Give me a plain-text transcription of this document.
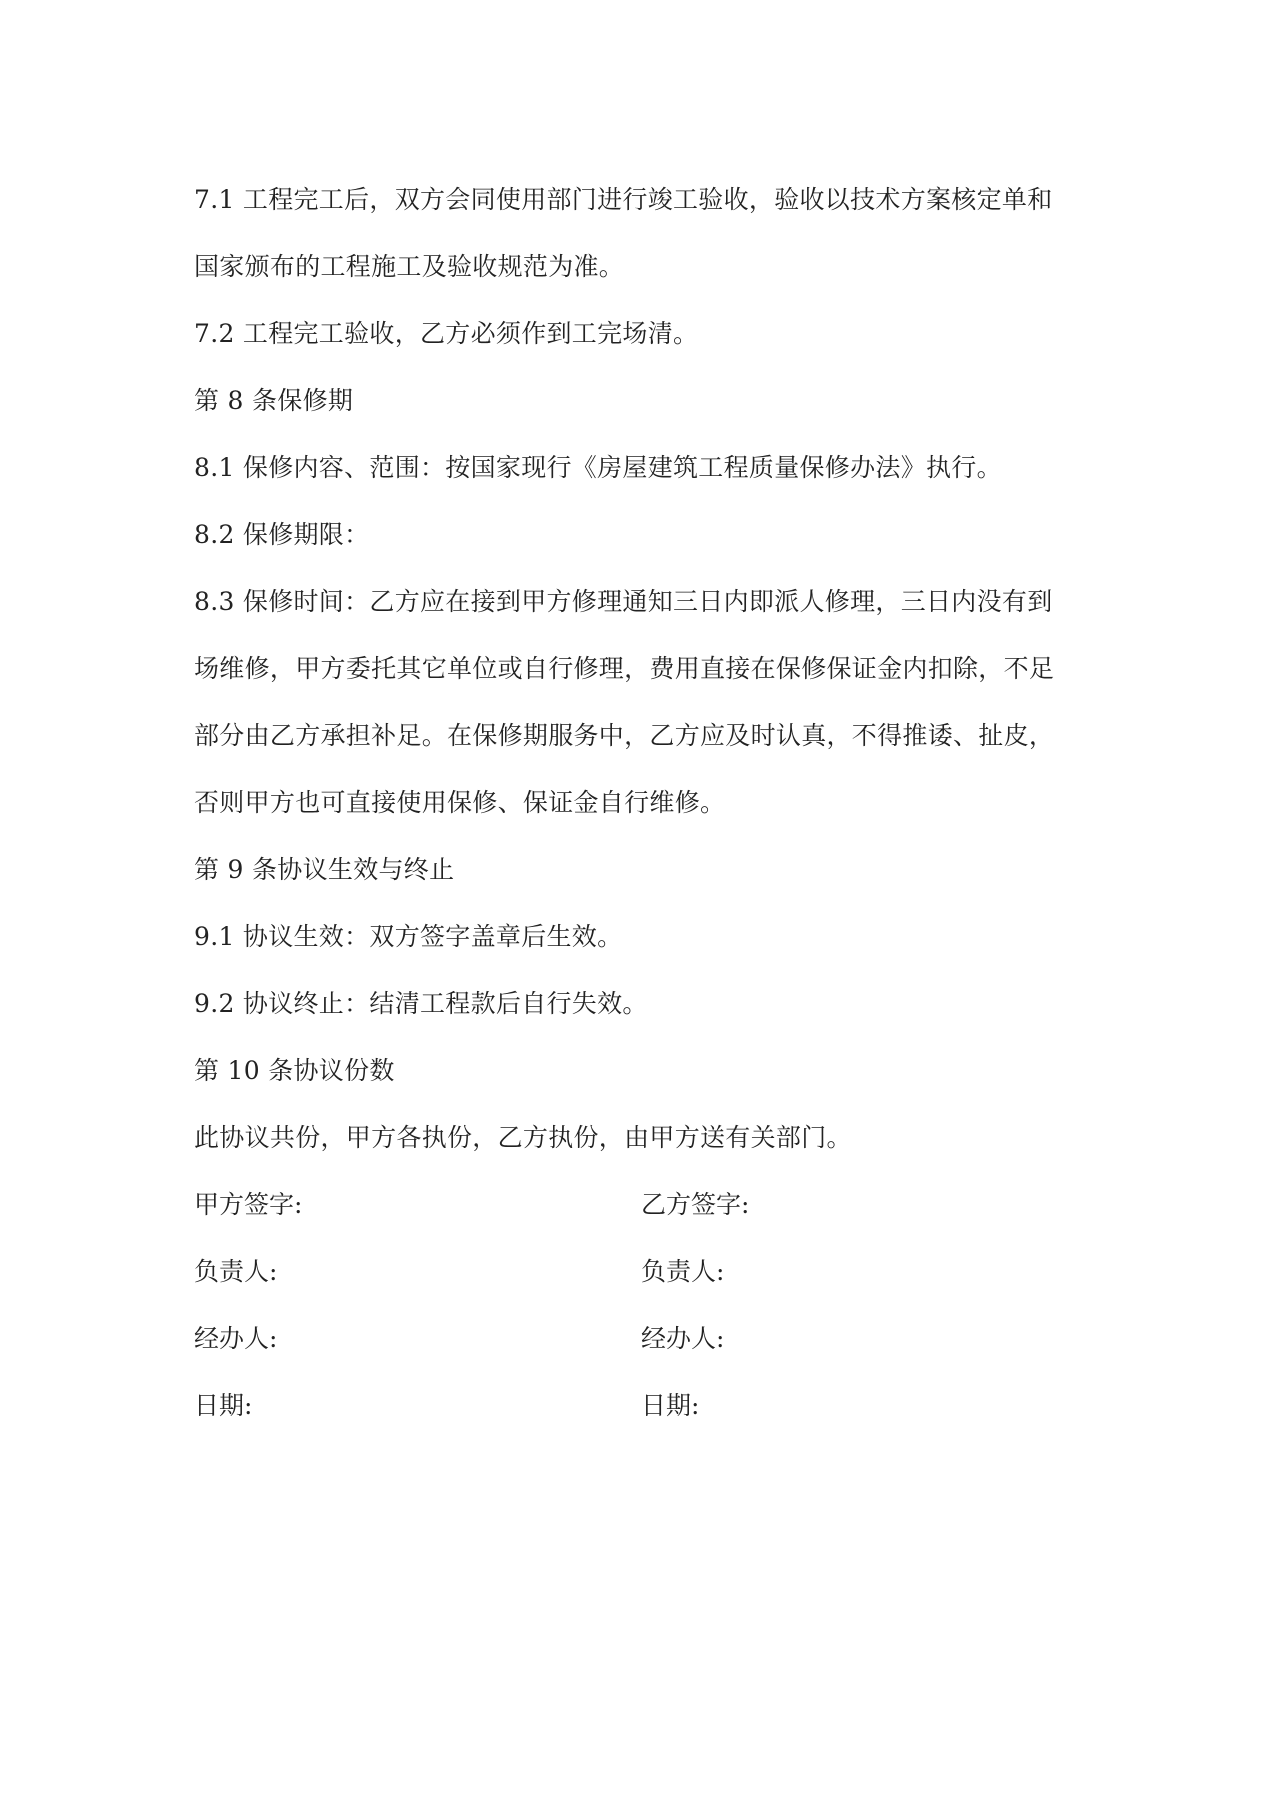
7.1 工程完工后，双方会同使用部门进行竣工验收，验收以技术方案核定单和
国家颁布的工程施工及验收规范为准。
7.2 工程完工验收，乙方必须作到工完场清。
第 8 条保修期
8.1 保修内容、范围：按国家现行《房屋建筑工程质量保修办法》执行。
8.2 保修期限：
8.3 保修时间：乙方应在接到甲方修理通知三日内即派人修理，三日内没有到
场维修，甲方委托其它单位或自行修理，费用直接在保修保证金内扣除，不足
部分由乙方承担补足。在保修期服务中，乙方应及时认真，不得推诿、扯皮，
否则甲方也可直接使用保修、保证金自行维修。
第 9 条协议生效与终止
9.1 协议生效：双方签字盖章后生效。
9.2 协议终止：结清工程款后自行失效。
第 10 条协议份数
此协议共份，甲方各执份，乙方执份，由甲方送有关部门。
甲方签字:	乙方签字:
负责人:	负责人:
经办人:	经办人:
日期:	日期:
